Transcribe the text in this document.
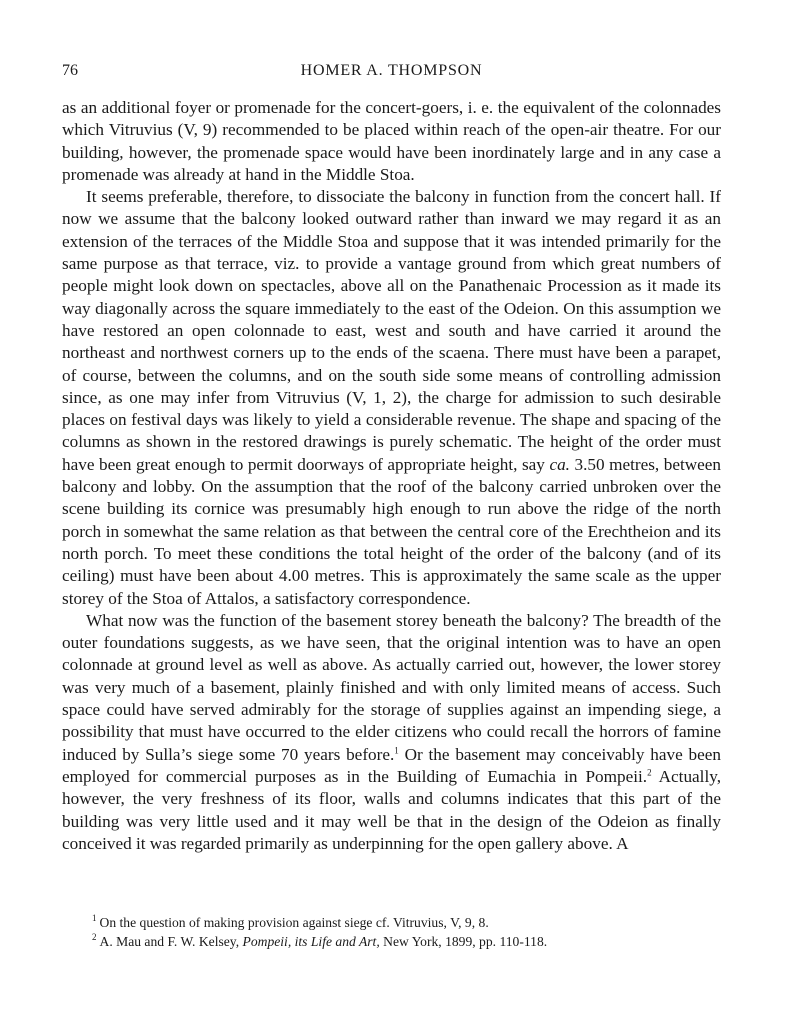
76	HOMER A. THOMPSON

as an additional foyer or promenade for the concert-goers, i. e. the equivalent of the colonnades which Vitruvius (V, 9) recommended to be placed within reach of the open-air theatre. For our building, however, the promenade space would have been inordinately large and in any case a promenade was already at hand in the Middle Stoa.

It seems preferable, therefore, to dissociate the balcony in function from the concert hall. If now we assume that the balcony looked outward rather than inward we may regard it as an extension of the terraces of the Middle Stoa and suppose that it was intended primarily for the same purpose as that terrace, viz. to provide a vantage ground from which great numbers of people might look down on spectacles, above all on the Panathenaic Procession as it made its way diagonally across the square immediately to the east of the Odeion. On this assumption we have restored an open colonnade to east, west and south and have carried it around the northeast and northwest corners up to the ends of the scaena. There must have been a parapet, of course, between the columns, and on the south side some means of controlling admission since, as one may infer from Vitruvius (V, 1, 2), the charge for admission to such desirable places on festival days was likely to yield a considerable revenue. The shape and spacing of the columns as shown in the restored drawings is purely schematic. The height of the order must have been great enough to permit doorways of appropriate height, say ca. 3.50 metres, between balcony and lobby. On the assumption that the roof of the balcony carried unbroken over the scene building its cornice was presumably high enough to run above the ridge of the north porch in somewhat the same relation as that between the central core of the Erechtheion and its north porch. To meet these conditions the total height of the order of the balcony (and of its ceiling) must have been about 4.00 metres. This is approximately the same scale as the upper storey of the Stoa of Attalos, a satisfactory correspondence.

What now was the function of the basement storey beneath the balcony? The breadth of the outer foundations suggests, as we have seen, that the original intention was to have an open colonnade at ground level as well as above. As actually carried out, however, the lower storey was very much of a basement, plainly finished and with only limited means of access. Such space could have served admirably for the storage of supplies against an impending siege, a possibility that must have occurred to the elder citizens who could recall the horrors of famine induced by Sulla’s siege some 70 years before.$^1$ Or the basement may conceivably have been employed for commercial purposes as in the Building of Eumachia in Pompeii.$^2$ Actually, however, the very freshness of its floor, walls and columns indicates that this part of the building was very little used and it may well be that in the design of the Odeion as finally conceived it was regarded primarily as underpinning for the open gallery above. A

$^1$ On the question of making provision against siege cf. Vitruvius, V, 9, 8.
$^2$ A. Mau and F. W. Kelsey, Pompeii, its Life and Art, New York, 1899, pp. 110-118.
